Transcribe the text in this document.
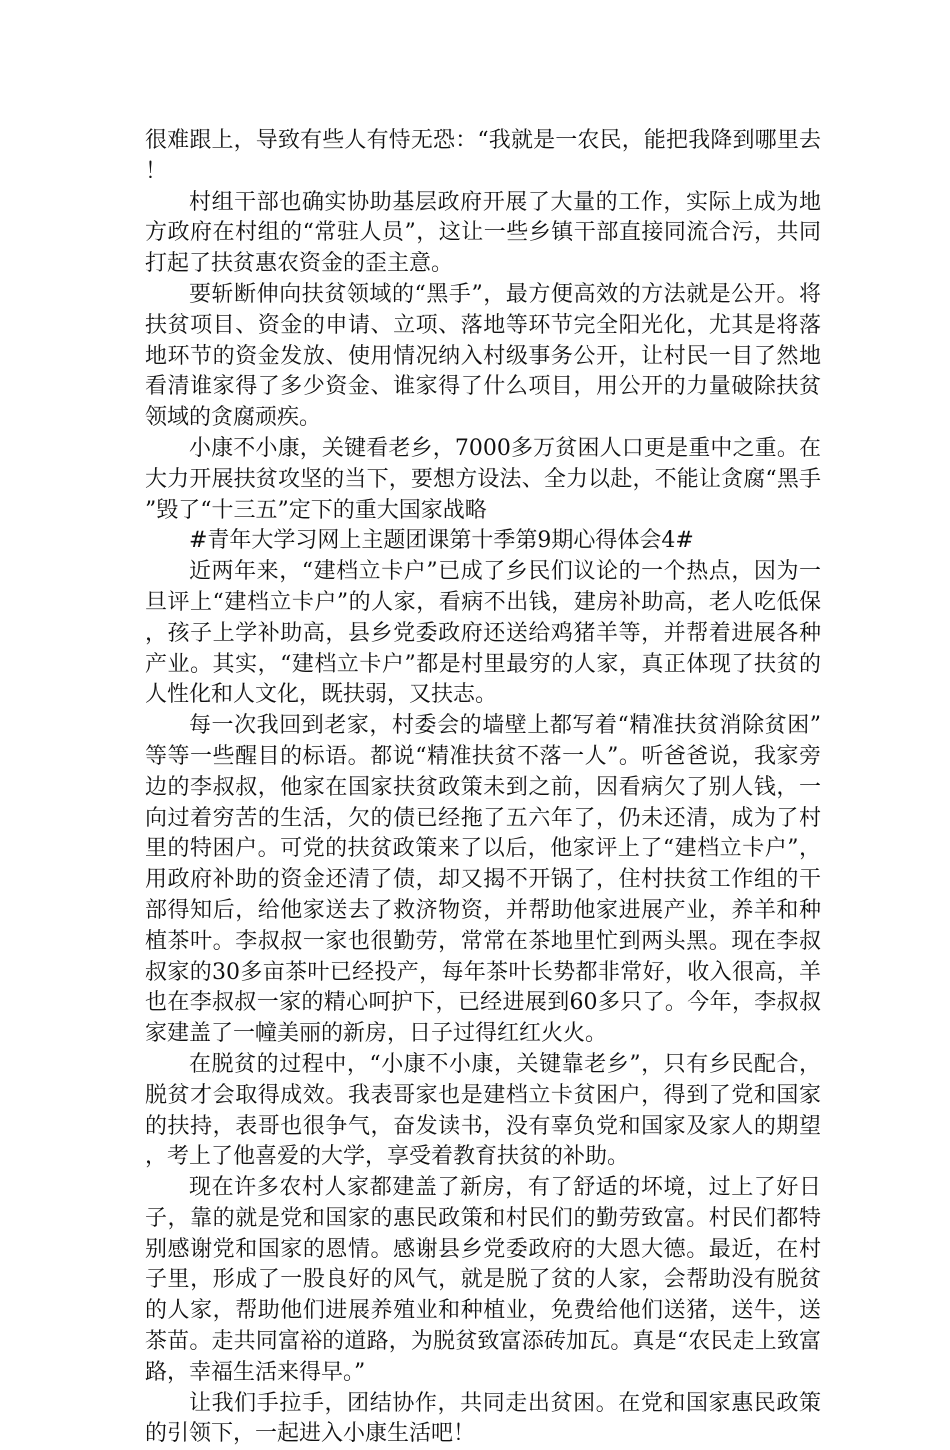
很难跟上，导致有些人有恃无恐：“我就是一农民，能把我降到哪里去！

村组干部也确实协助基层政府开展了大量的工作，实际上成为地方政府在村组的“常驻人员”，这让一些乡镇干部直接同流合污，共同打起了扶贫惠农资金的歪主意。

要斩断伸向扶贫领域的“黑手”，最方便高效的方法就是公开。将扶贫项目、资金的申请、立项、落地等环节完全阳光化，尤其是将落地环节的资金发放、使用情况纳入村级事务公开，让村民一目了然地看清谁家得了多少资金、谁家得了什么项目，用公开的力量破除扶贫领域的贪腐顽疾。

小康不小康，关键看老乡，7000多万贫困人口更是重中之重。在大力开展扶贫攻坚的当下，要想方设法、全力以赴，不能让贪腐“黑手”毁了“十三五”定下的重大国家战略

#青年大学习网上主题团课第十季第9期心得体会4#

近两年来，“建档立卡户”已成了乡民们议论的一个热点，因为一旦评上“建档立卡户”的人家，看病不出钱，建房补助高，老人吃低保，孩子上学补助高，县乡党委政府还送给鸡猪羊等，并帮着进展各种产业。其实，“建档立卡户”都是村里最穷的人家，真正体现了扶贫的人性化和人文化，既扶弱，又扶志。

每一次我回到老家，村委会的墙壁上都写着“精准扶贫消除贫困”等等一些醒目的标语。都说“精准扶贫不落一人”。听爸爸说，我家旁边的李叔叔，他家在国家扶贫政策未到之前，因看病欠了别人钱，一向过着穷苦的生活，欠的债已经拖了五六年了，仍未还清，成为了村里的特困户。可党的扶贫政策来了以后，他家评上了“建档立卡户”，用政府补助的资金还清了债，却又揭不开锅了，住村扶贫工作组的干部得知后，给他家送去了救济物资，并帮助他家进展产业，养羊和种植茶叶。李叔叔一家也很勤劳，常常在茶地里忙到两头黑。现在李叔叔家的30多亩茶叶已经投产，每年茶叶长势都非常好，收入很高，羊也在李叔叔一家的精心呵护下，已经进展到60多只了。今年，李叔叔家建盖了一幢美丽的新房，日子过得红红火火。

在脱贫的过程中，“小康不小康，关键靠老乡”，只有乡民配合，脱贫才会取得成效。我表哥家也是建档立卡贫困户，得到了党和国家的扶持，表哥也很争气，奋发读书，没有辜负党和国家及家人的期望，考上了他喜爱的大学，享受着教育扶贫的补助。

现在许多农村人家都建盖了新房，有了舒适的坏境，过上了好日子，靠的就是党和国家的惠民政策和村民们的勤劳致富。村民们都特别感谢党和国家的恩情。感谢县乡党委政府的大恩大德。最近，在村子里，形成了一股良好的风气，就是脱了贫的人家，会帮助没有脱贫的人家，帮助他们进展养殖业和种植业，免费给他们送猪，送牛，送茶苗。走共同富裕的道路，为脱贫致富添砖加瓦。真是“农民走上致富路，幸福生活来得早。”

让我们手拉手，团结协作，共同走出贫困。在党和国家惠民政策的引领下，一起进入小康生活吧！
